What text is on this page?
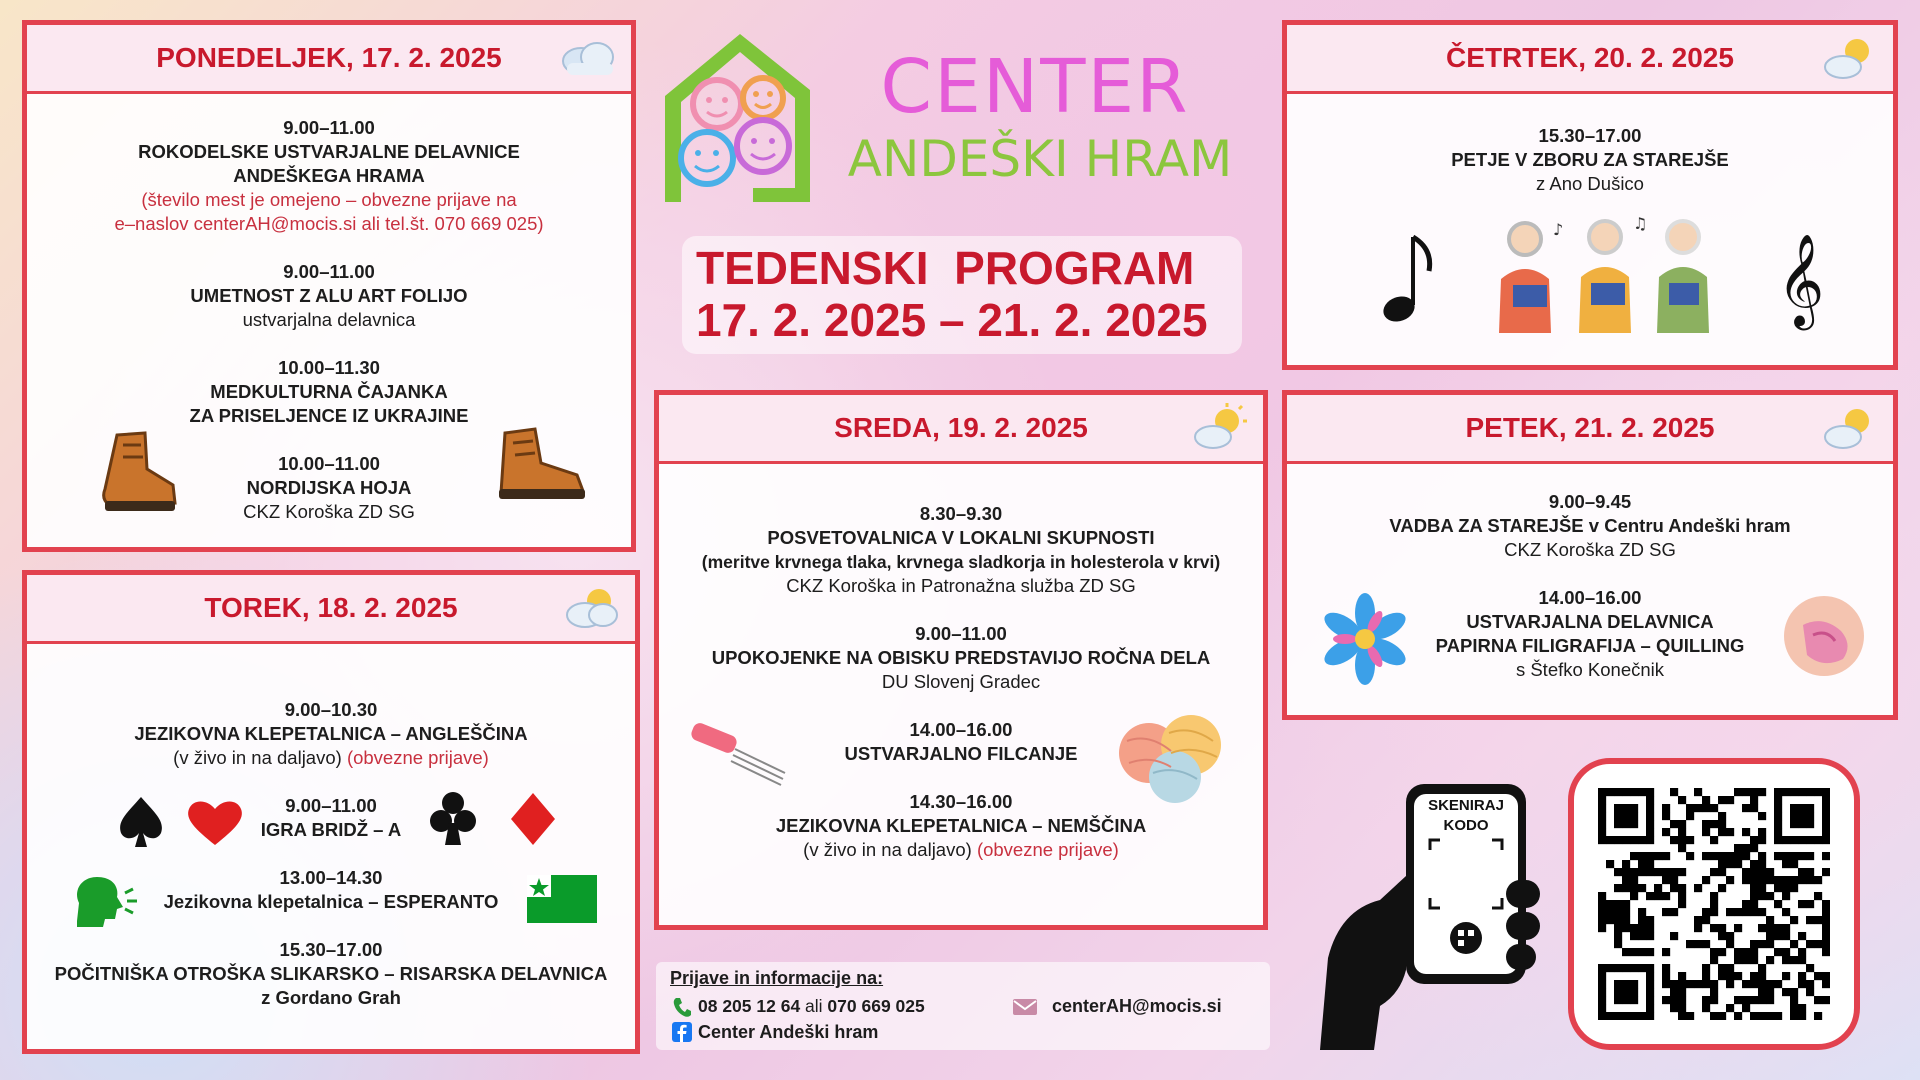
CENTER
ANDEŠKI HRAM
TEDENSKI  PROGRAM
17. 2. 2025 – 21. 2. 2025
PONEDELJEK, 17. 2. 2025
9.00–11.00
ROKODELSKE USTVARJALNE DELAVNICE
ANDEŠKEGA HRAMA
(število mest je omejeno – obvezne prijave na
e–naslov centerAH@mocis.si ali tel.št. 070 669 025)
9.00–11.00
UMETNOST Z ALU ART FOLIJO
ustvarjalna delavnica
10.00–11.30
MEDKULTURNA ČAJANKA
ZA PRISELJENCE IZ UKRAJINE
10.00–11.00
NORDIJSKA HOJA
CKZ Koroška ZD SG
TOREK, 18. 2. 2025
9.00–10.30
JEZIKOVNA KLEPETALNICA – ANGLEŠČINA
(v živo in na daljavo) (obvezne prijave)
9.00–11.00
IGRA BRIDŽ – A
13.00–14.30
Jezikovna klepetalnica – ESPERANTO
15.30–17.00
POČITNIŠKA OTROŠKA SLIKARSKO – RISARSKA DELAVNICA
z Gordano Grah
SREDA, 19. 2. 2025
8.30–9.30
POSVETOVALNICA V LOKALNI SKUPNOSTI
(meritve krvnega tlaka, krvnega sladkorja in holesterola v krvi)
CKZ Koroška in Patronažna služba ZD SG
9.00–11.00
UPOKOJENKE NA OBISKU PREDSTAVIJO ROČNA DELA
DU Slovenj Gradec
14.00–16.00
USTVARJALNO FILCANJE
14.30–16.00
JEZIKOVNA KLEPETALNICA – NEMŠČINA
(v živo in na daljavo) (obvezne prijave)
ČETRTEK, 20. 2. 2025
15.30–17.00
PETJE V ZBORU ZA STAREJŠE
z Ano Dušico
♪	♫
𝄞
PETEK, 21. 2. 2025
9.00–9.45
VADBA ZA STAREJŠE v Centru Andeški hram
CKZ Koroška ZD SG
14.00–16.00
USTVARJALNA DELAVNICA
PAPIRNA FILIGRAFIJA – QUILLING
s Štefko Konečnik
Prijave in informacije na:
08 205 12 64 ali 070 669 025
Center Andeški hram
centerAH@mocis.si
SKENIRAJ
KODO
